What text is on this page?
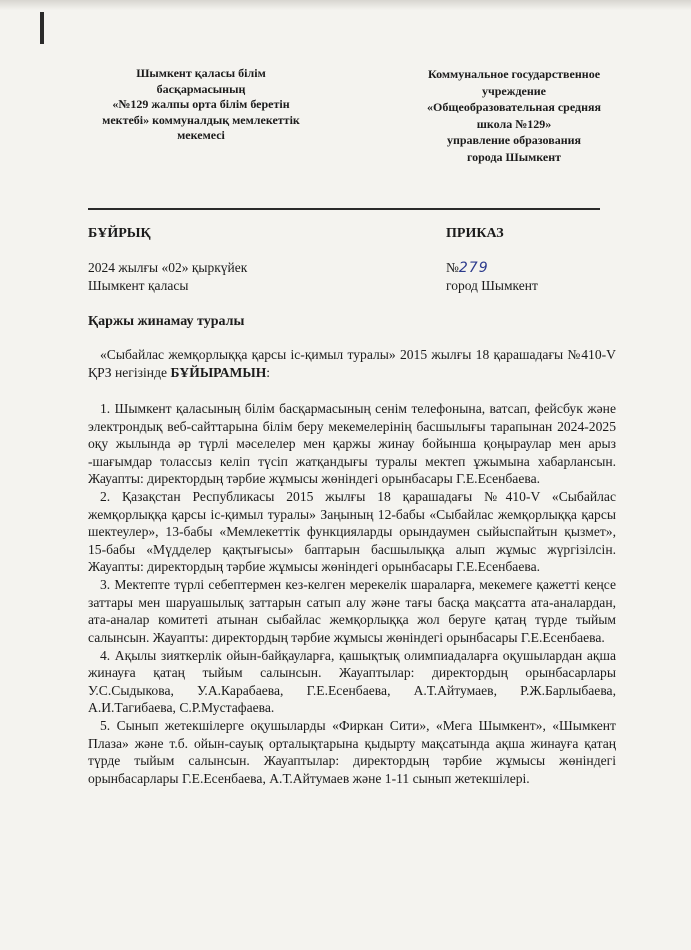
Шымкент қаласы білім
басқармасының
«№129 жалпы орта білім беретін
мектебі» коммуналдық мемлекеттік
мекемесі
Коммунальное государственное
учреждение
«Общеобразовательная средняя
школа №129»
управление образования
города Шымкент
БҰЙРЫҚ	ПРИКАЗ
2024 жылғы «02» қыркүйек	№279
Шымкент қаласы	город Шымкент
Қаржы жинамау туралы
«Сыбайлас жемқорлыққа қарсы іс-қимыл туралы» 2015 жылғы 18 қарашадағы №410-V ҚРЗ негізінде БҰЙЫРАМЫН:

1. Шымкент қаласының білім басқармасының сенім телефонына, ватсап, фейсбук және электрондық веб-сайттарына білім беру мекемелерінің басшылығы тарапынан 2024-2025 оқу жылында әр түрлі мәселелер мен қаржы жинау бойынша қоңыраулар мен арыз -шағымдар толассыз келіп түсіп жатқандығы туралы мектеп ұжымына хабарлансын. Жауапты: директордың тәрбие жұмысы жөніндегі орынбасары Г.Е.Есенбаева.

2. Қазақстан Республикасы 2015 жылғы 18 қарашадағы №410-V «Сыбайлас жемқорлыққа қарсы іс-қимыл туралы» Заңының 12-бабы «Сыбайлас жемқорлыққа қарсы шектеулер», 13-бабы «Мемлекеттік функцияларды орындаумен сыйыспайтын қызмет», 15-бабы «Мүдделер қақтығысы» баптарын басшылыққа алып жұмыс жүргізілсін. Жауапты: директордың тәрбие жұмысы жөніндегі орынбасары Г.Е.Есенбаева.

3. Мектепте түрлі себептермен кез-келген мерекелік шараларға, мекемеге қажетті кеңсе заттары мен шаруашылық заттарын сатып алу және тағы басқа мақсатта ата-аналардан, ата-аналар комитеті атынан сыбайлас жемқорлыққа жол беруге қатаң түрде тыйым салынсын. Жауапты: директордың тәрбие жұмысы жөніндегі орынбасары Г.Е.Есенбаева.

4. Ақылы зияткерлік ойын-байқауларға, қашықтық олимпиадаларға оқушылардан ақша жинауға қатаң тыйым салынсын. Жауаптылар: директордың орынбасарлары У.С.Сыдыкова, У.А.Карабаева, Г.Е.Есенбаева, А.Т.Айтумаев, Р.Ж.Барлыбаева, А.И.Тагибаева, С.Р.Мустафаева.

5. Сынып жетекшілерге оқушыларды «Фиркан Сити», «Мега Шымкент», «Шымкент Плаза» және т.б. ойын-сауық орталықтарына қыдырту мақсатында ақша жинауға қатаң түрде тыйым салынсын. Жауаптылар: директордың тәрбие жұмысы жөніндегі орынбасарлары Г.Е.Есенбаева, А.Т.Айтумаев және 1-11 сынып жетекшілері.
